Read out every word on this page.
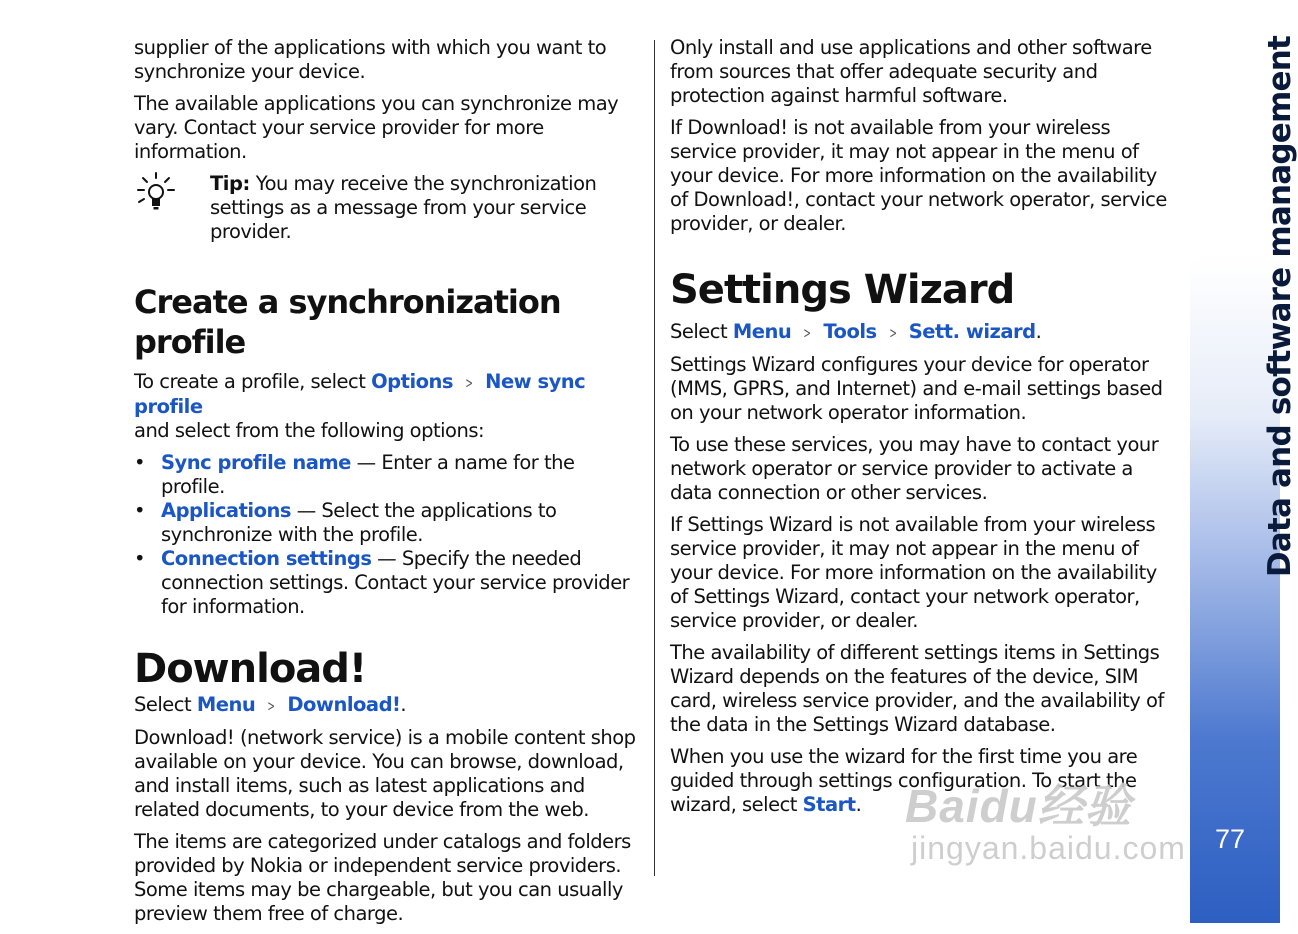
supplier of the applications with which you want to synchronize your device.

The available applications you can synchronize may vary. Contact your service provider for more information.

Tip: You may receive the synchronization settings as a message from your service provider.

Create a synchronization profile

To create a profile, select Options > New sync profile
and select from the following options:

• Sync profile name — Enter a name for the profile.
• Applications — Select the applications to synchronize with the profile.
• Connection settings — Specify the needed connection settings. Contact your service provider for information.
Download!

Select Menu > Download!.

Download! (network service) is a mobile content shop available on your device. You can browse, download, and install items, such as latest applications and related documents, to your device from the web.

The items are categorized under catalogs and folders provided by Nokia or independent service providers. Some items may be chargeable, but you can usually preview them free of charge.

Only install and use applications and other software from sources that offer adequate security and protection against harmful software.

If Download! is not available from your wireless service provider, it may not appear in the menu of your device. For more information on the availability of Download!, contact your network operator, service provider, or dealer.

Settings Wizard

Select Menu > Tools > Sett. wizard.

Settings Wizard configures your device for operator (MMS, GPRS, and Internet) and e-mail settings based on your network operator information.

To use these services, you may have to contact your network operator or service provider to activate a data connection or other services.

If Settings Wizard is not available from your wireless service provider, it may not appear in the menu of your device. For more information on the availability of Settings Wizard, contact your network operator, service provider, or dealer.

The availability of different settings items in Settings Wizard depends on the features of the device, SIM card, wireless service provider, and the availability of the data in the Settings Wizard database.

When you use the wizard for the first time you are guided through settings configuration. To start the wizard, select Start.

Data and software management
77
Baidu经验
jingyan.baidu.com
